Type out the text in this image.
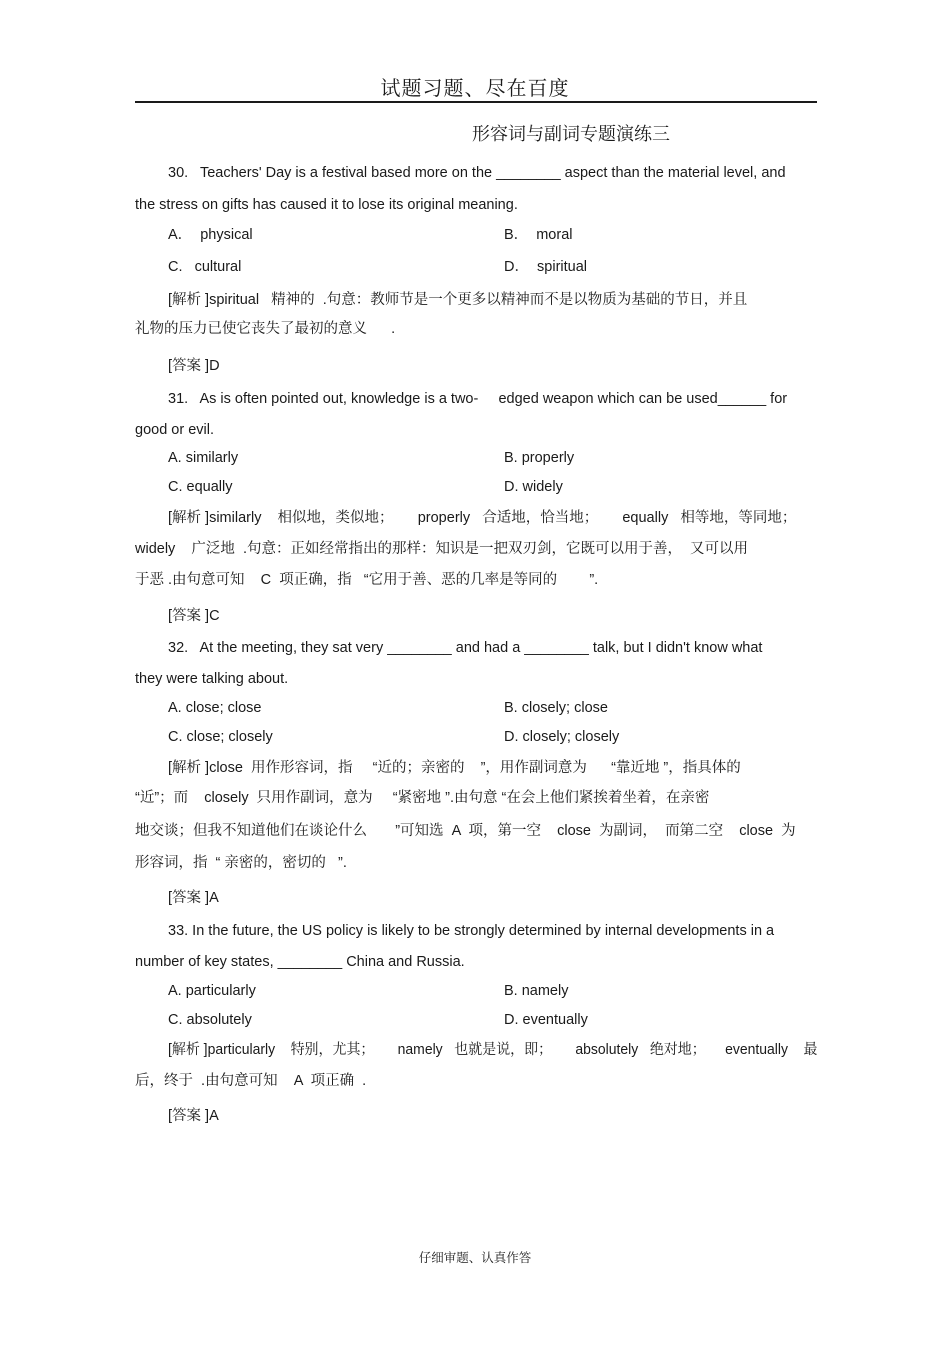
试题习题、尽在百度
形容词与副词专题演练三
30.   Teachers' Day is a festival based more on the ________ aspect than the material level, and
the stress on gifts has caused it to lose its original meaning.
A．  physical	B．  moral
C.   cultural	D．  spiritual
[解析 ]spiritual   精神的  .句意：教师节是一个更多以精神而不是以物质为基础的节日，并且
礼物的压力已使它丧失了最初的意义      .
[答案 ]D
31.   As is often pointed out, knowledge is a two-     edged weapon which can be used______ for
good or evil.
A. similarly	B. properly
C. equally	D. widely
[解析 ]similarly    相似地，类似地；      properly   合适地，恰当地；      equally   相等地，等同地；
widely    广泛地  .句意：正如经常指出的那样：知识是一把双刃剑，它既可以用于善，  又可以用
于恶 .由句意可知    C  项正确，指   “它用于善、恶的几率是等同的        ”.
[答案 ]C
32.   At the meeting, they sat very ________ and had a ________ talk, but I didn't know what
they were talking about.
A. close; close	B. closely; close
C. close; closely	D. closely; closely
[解析 ]close  用作形容词，指     “近的；亲密的    ”，用作副词意为      “靠近地 ”，指具体的
“近”；而    closely  只用作副词，意为     “紧密地 ”.由句意 “在会上他们紧挨着坐着，在亲密
地交谈；但我不知道他们在谈论什么       ”可知选  A  项，第一空    close  为副词，  而第二空    close  为
形容词，指  “ 亲密的，密切的   ”.
[答案 ]A
33. In the future, the US policy is likely to be strongly determined by internal developments in a
number of key states, ________ China and Russia.
A. particularly	B. namely
C. absolutely	D. eventually
[解析 ]particularly    特别，尤其；      namely   也就是说，即；      absolutely   绝对地；     eventually    最
后，终于  .由句意可知    A  项正确  .
[答案 ]A
仔细审题、认真作答
